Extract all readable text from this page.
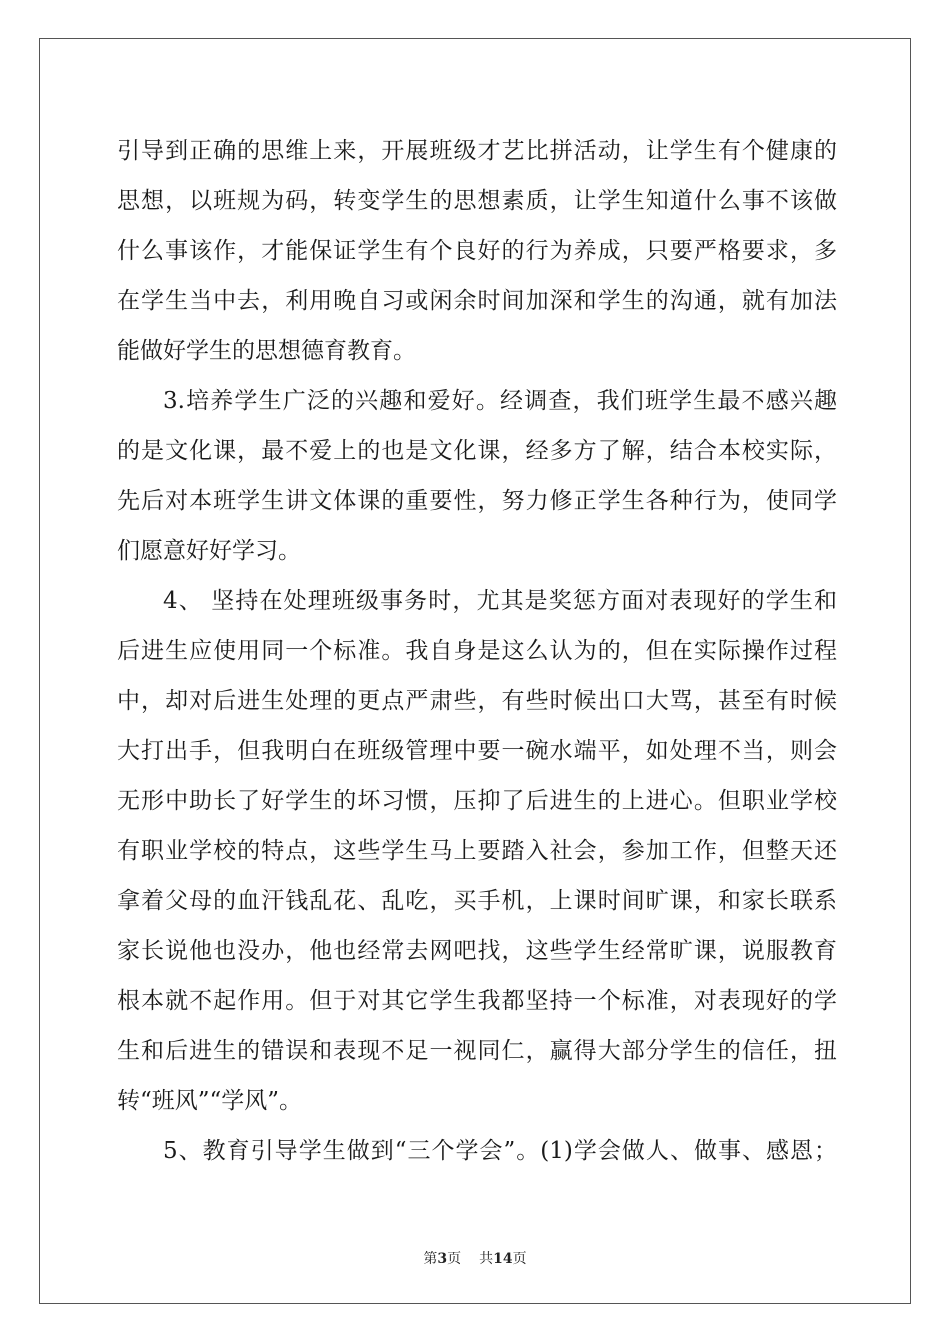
引导到正确的思维上来，开展班级才艺比拼活动，让学生有个健康的
思想，以班规为码，转变学生的思想素质，让学生知道什么事不该做
什么事该作，才能保证学生有个良好的行为养成，只要严格要求，多
在学生当中去，利用晚自习或闲余时间加深和学生的沟通，就有加法
能做好学生的思想德育教育。
3.培养学生广泛的兴趣和爱好。经调查，我们班学生最不感兴趣
的是文化课，最不爱上的也是文化课，经多方了解，结合本校实际，
先后对本班学生讲文体课的重要性，努力修正学生各种行为，使同学
们愿意好好学习。
4、 坚持在处理班级事务时，尤其是奖惩方面对表现好的学生和
后进生应使用同一个标准。我自身是这么认为的，但在实际操作过程
中，却对后进生处理的更点严肃些，有些时候出口大骂，甚至有时候
大打出手，但我明白在班级管理中要一碗水端平，如处理不当，则会
无形中助长了好学生的坏习惯，压抑了后进生的上进心。但职业学校
有职业学校的特点，这些学生马上要踏入社会，参加工作，但整天还
拿着父母的血汗钱乱花、乱吃，买手机，上课时间旷课，和家长联系
家长说他也没办，他也经常去网吧找，这些学生经常旷课，说服教育
根本就不起作用。但于对其它学生我都坚持一个标准，对表现好的学
生和后进生的错误和表现不足一视同仁，赢得大部分学生的信任，扭
转“班风”“学风”。
5、教育引导学生做到“三个学会”。(1)学会做人、做事、感恩；
第3页 共14页
